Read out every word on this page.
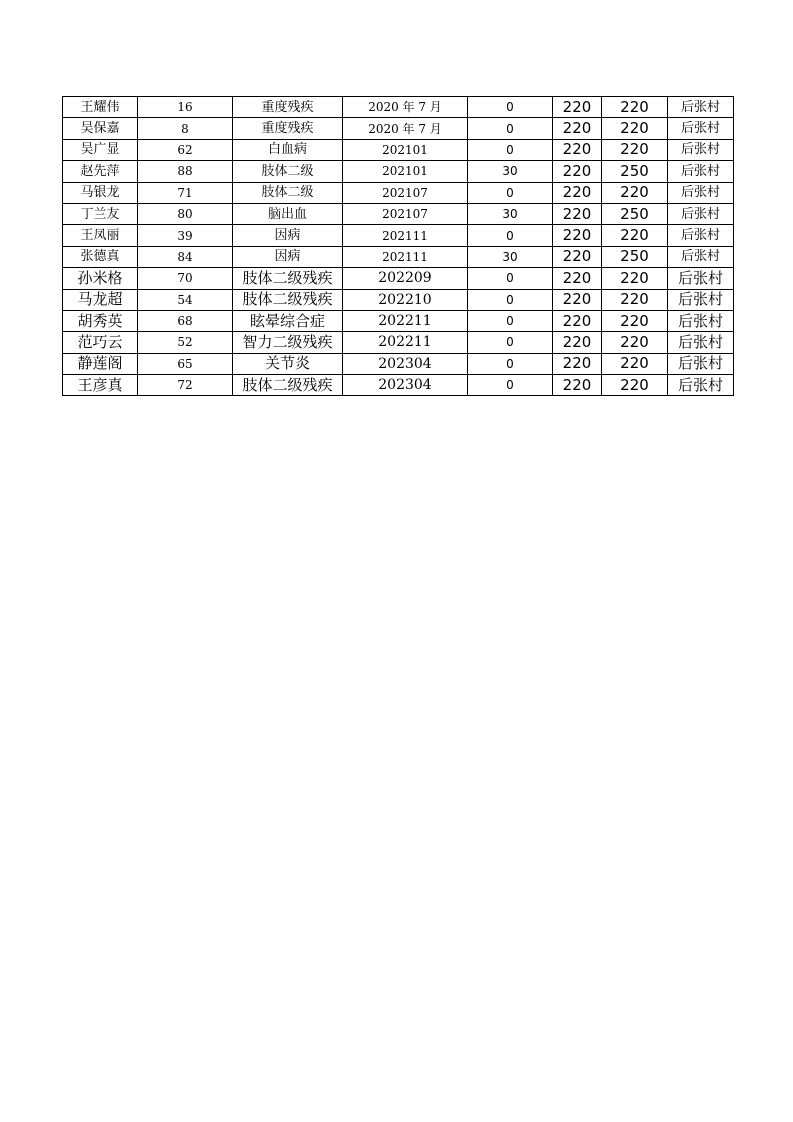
王耀伟	16	重度残疾	2020 年 7 月	0	220	220	后张村
吴保嘉	8	重度残疾	2020 年 7 月	0	220	220	后张村
吴广显	62	白血病	202101	0	220	220	后张村
赵先萍	88	肢体二级	202101	30	220	250	后张村
马银龙	71	肢体二级	202107	0	220	220	后张村
丁兰友	80	脑出血	202107	30	220	250	后张村
王凤丽	39	因病	202111	0	220	220	后张村
张德真	84	因病	202111	30	220	250	后张村
孙米格	70	肢体二级残疾	202209	0	220	220	后张村
马龙超	54	肢体二级残疾	202210	0	220	220	后张村
胡秀英	68	眩晕综合症	202211	0	220	220	后张村
范巧云	52	智力二级残疾	202211	0	220	220	后张村
静莲阁	65	关节炎	202304	0	220	220	后张村
王彦真	72	肢体二级残疾	202304	0	220	220	后张村
